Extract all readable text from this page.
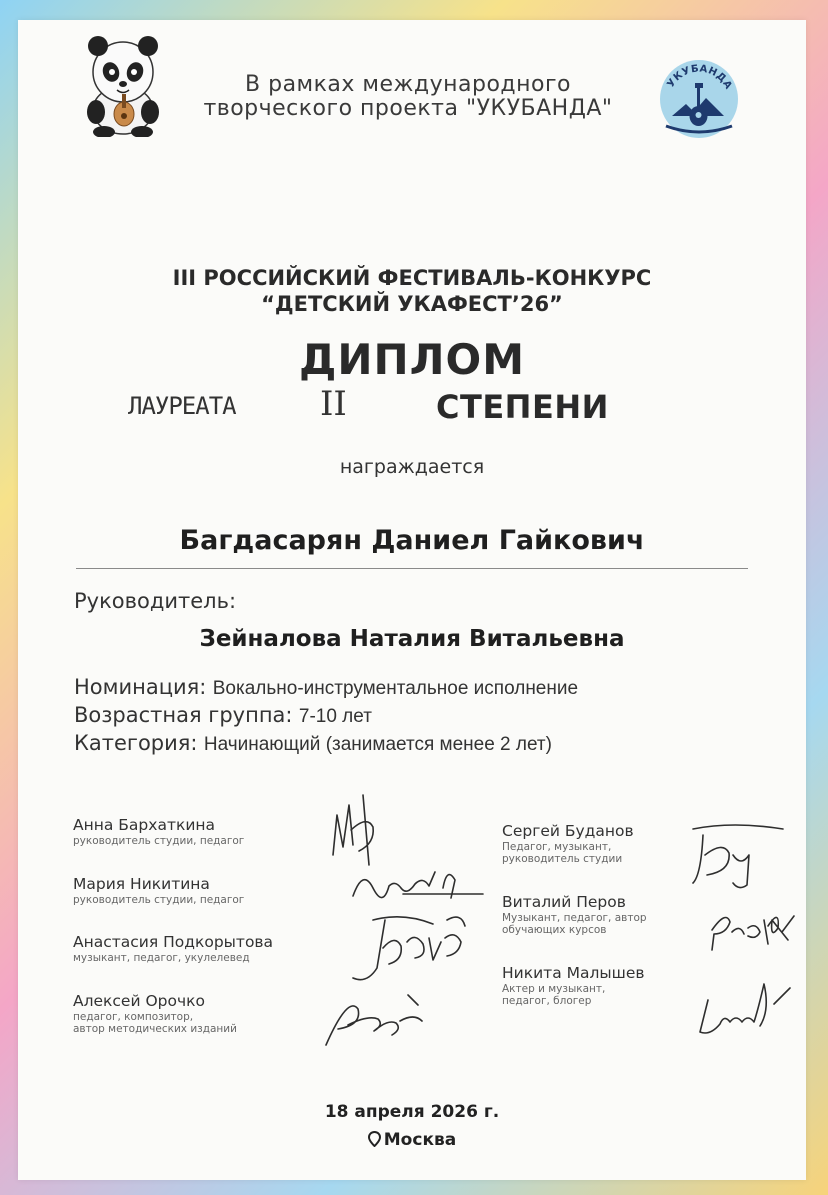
В рамках международного
творческого проекта "УКУБАНДА"
УКУБАНДА
III РОССИЙСКИЙ ФЕСТИВАЛЬ-КОНКУРС
“ДЕТСКИЙ УКАФЕСТ’26”
ДИПЛОМ
ЛАУРЕАТА II	СТЕПЕНИ
награждается
Багдасарян Даниел Гайкович
Руководитель:
Зейналова Наталия Витальевна
Номинация: Вокально-инструментальное исполнение
Возрастная группа: 7-10 лет
Категория: Начинающий (занимается менее 2 лет)
Анна Бархаткина
руководитель студии, педагог
Мария Никитина
руководитель студии, педагог
Анастасия Подкорытова
музыкант, педагог, укулелевед
Алексей Орочко
педагог, композитор,
автор методических изданий
Сергей Буданов
Педагог, музыкант,
руководитель студии
Виталий Перов
Музыкант, педагог, автор
обучающих курсов
Никита Малышев
Актер и музыкант,
педагог, блогер
18 апреля 2026 г.
Москва
